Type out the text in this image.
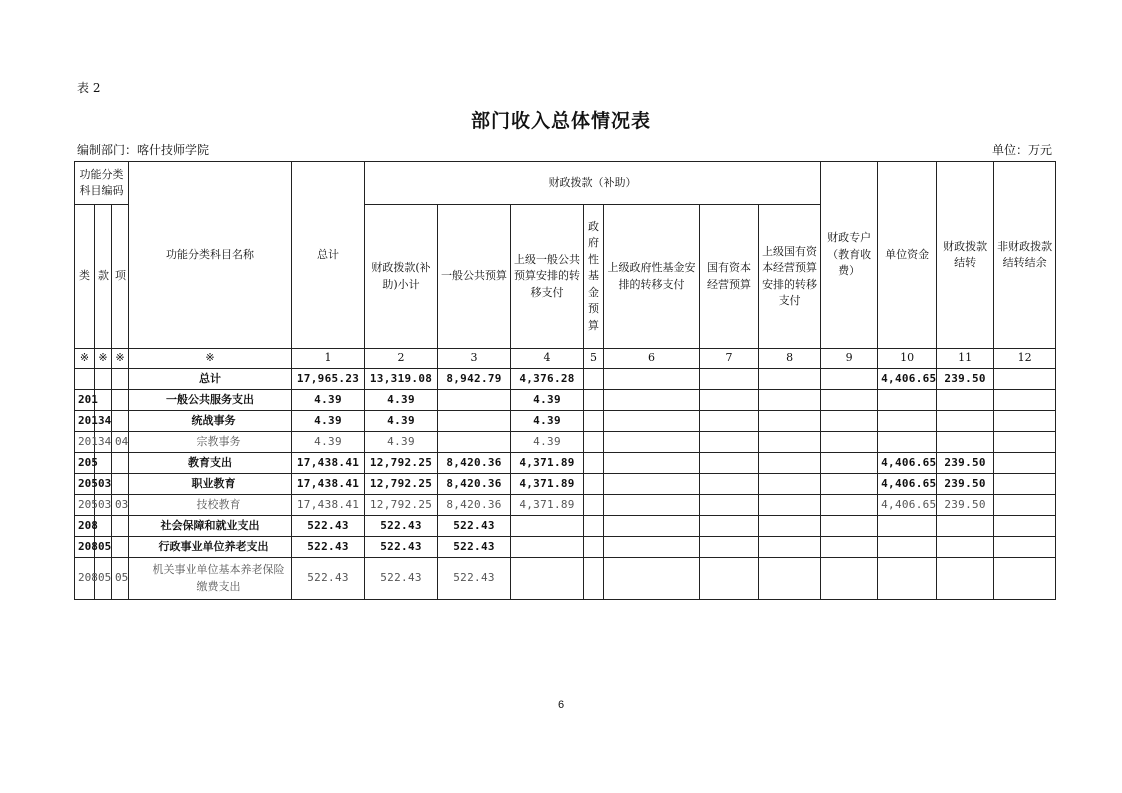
表 2
部门收入总体情况表
编制部门：喀什技师学院	单位：万元
功能分类科目编码			功能分类科目名称	总计	财政拨款（补助）							财政专户（教育收费）	单位资金	财政拨款结转	非财政拨款结转结余
类	款	项			财政拨款(补助)小计	一般公共预算	上级一般公共预算安排的转移支付	政府性基金预算	上级政府性基金安排的转移支付	国有资本经营预算	上级国有资本经营预算安排的转移支付				
※	※	※	※	1	2	3	4	5	6	7	8	9	10	11	12
			总计	17,965.23	13,319.08	8,942.79	4,376.28						4,406.65	239.50	
201			一般公共服务支出	4.39	4.39		4.39								
201	34		统战事务	4.39	4.39		4.39								
201	34	04	宗教事务	4.39	4.39		4.39								
205			教育支出	17,438.41	12,792.25	8,420.36	4,371.89						4,406.65	239.50	
205	03		职业教育	17,438.41	12,792.25	8,420.36	4,371.89						4,406.65	239.50	
205	03	03	技校教育	17,438.41	12,792.25	8,420.36	4,371.89						4,406.65	239.50	
208			社会保障和就业支出	522.43	522.43	522.43									
208	05		行政事业单位养老支出	522.43	522.43	522.43									
208	05	05	机关事业单位基本养老保险缴费支出	522.43	522.43	522.43									
6
